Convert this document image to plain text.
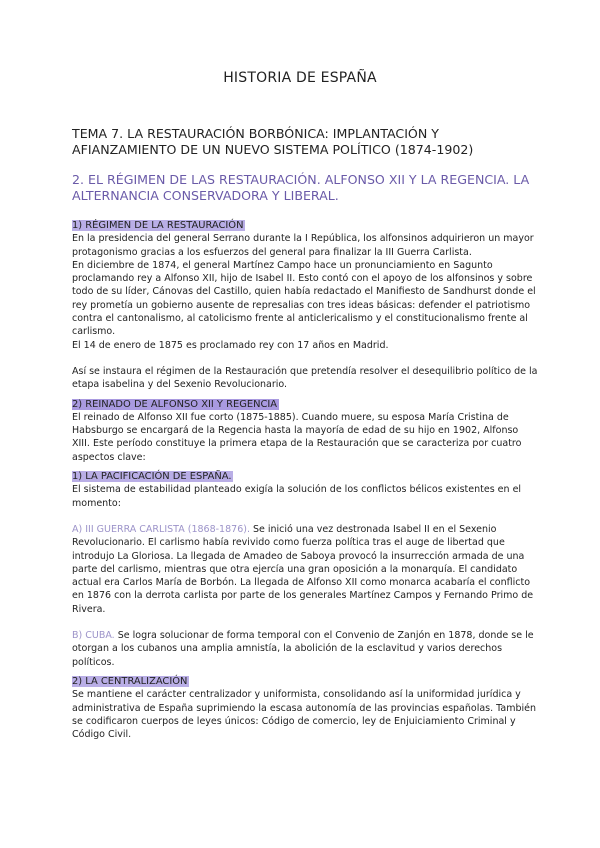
HISTORIA DE ESPAÑA
TEMA 7. LA RESTAURACIÓN BORBÓNICA: IMPLANTACIÓN Y AFIANZAMIENTO DE UN NUEVO SISTEMA POLÍTICO (1874-1902)
2. EL RÉGIMEN DE LAS RESTAURACIÓN. ALFONSO XII Y LA REGENCIA. LA ALTERNANCIA CONSERVADORA Y LIBERAL.

1) RÉGIMEN DE LA RESTAURACIÓN

En la presidencia del general Serrano durante la I República, los alfonsinos adquirieron un mayor protagonismo gracias a los esfuerzos del general para finalizar la III Guerra Carlista.

En diciembre de 1874, el general Martínez Campo hace un pronunciamiento en Sagunto proclamando rey a Alfonso XII, hijo de Isabel II. Esto contó con el apoyo de los alfonsinos y sobre todo de su líder, Cánovas del Castillo, quien había redactado el Manifiesto de Sandhurst donde el rey prometía un gobierno ausente de represalias con tres ideas básicas: defender el patriotismo contra el cantonalismo, al catolicismo frente al anticlericalismo y el constitucionalismo frente al carlismo.

El 14 de enero de 1875 es proclamado rey con 17 años en Madrid.

Así se instaura el régimen de la Restauración que pretendía resolver el desequilibrio político de la etapa isabelina y del Sexenio Revolucionario.

2) REINADO DE ALFONSO XII Y REGENCIA

El reinado de Alfonso XII fue corto (1875-1885). Cuando muere, su esposa María Cristina de Habsburgo se encargará de la Regencia hasta la mayoría de edad de su hijo en 1902, Alfonso XIII. Este período constituye la primera etapa de la Restauración que se caracteriza por cuatro aspectos clave:

1) LA PACIFICACIÓN DE ESPAÑA.

El sistema de estabilidad planteado exigía la solución de los conflictos bélicos existentes en el momento:

A) III GUERRA CARLISTA (1868-1876). Se inició una vez destronada Isabel II en el Sexenio Revolucionario. El carlismo había revivido como fuerza política tras el auge de libertad que introdujo La Gloriosa. La llegada de Amadeo de Saboya provocó la insurrección armada de una parte del carlismo, mientras que otra ejercía una gran oposición a la monarquía. El candidato actual era Carlos María de Borbón. La llegada de Alfonso XII como monarca acabaría el conflicto en 1876 con la derrota carlista por parte de los generales Martínez Campos y Fernando Primo de Rivera.

B) CUBA. Se logra solucionar de forma temporal con el Convenio de Zanjón en 1878, donde se le otorgan a los cubanos una amplia amnistía, la abolición de la esclavitud y varios derechos políticos.

2) LA CENTRALIZACIÓN

Se mantiene el carácter centralizador y uniformista, consolidando así la uniformidad jurídica y administrativa de España suprimiendo la escasa autonomía de las provincias españolas. También se codificaron cuerpos de leyes únicos: Código de comercio, ley de Enjuiciamiento Criminal y Código Civil.
